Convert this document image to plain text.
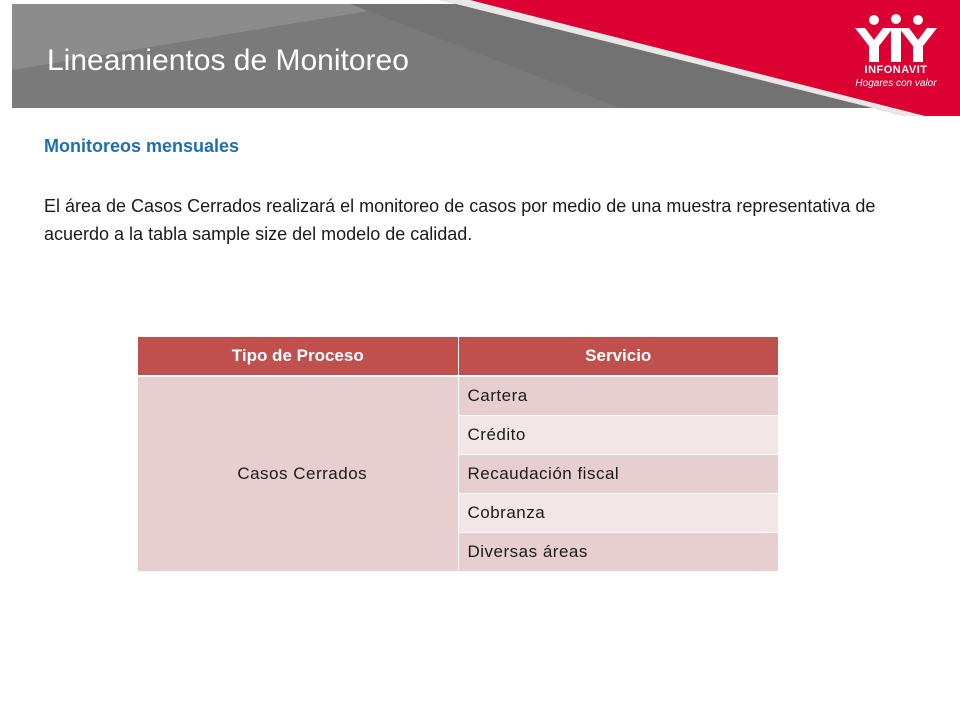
Lineamientos de Monitoreo	INFONAVIT
Hogares con valor
Monitoreos mensuales
El área de Casos Cerrados realizará el monitoreo de casos por medio de una muestra representativa de acuerdo a la tabla sample size del modelo de calidad.
Tipo de Proceso	Servicio
Casos Cerrados	Cartera
	Crédito
	Recaudación fiscal
	Cobranza
	Diversas áreas
